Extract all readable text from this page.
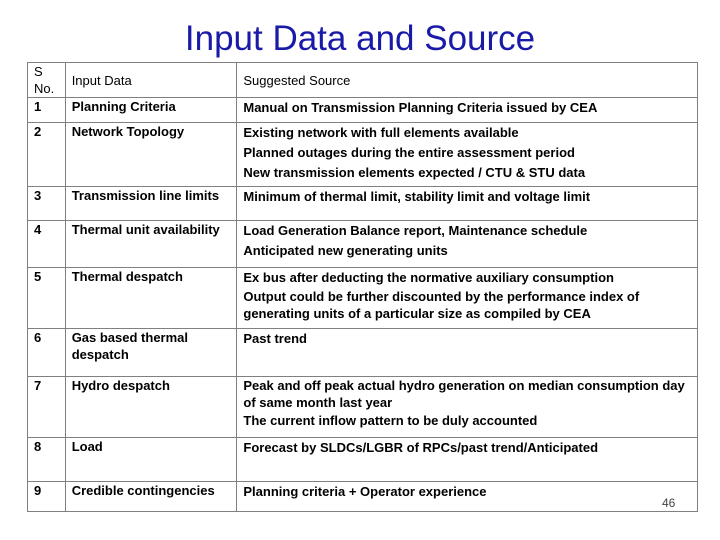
Input Data and Source
S No.	Input Data	Suggested Source
1	Planning Criteria	Manual on Transmission Planning Criteria issued by CEA

2	Network Topology	Existing network with full elements available
Planned outages during the entire assessment period
New transmission elements expected / CTU & STU data

3	Transmission line limits	Minimum of thermal limit, stability limit and voltage limit

4	Thermal unit availability	Load Generation Balance report, Maintenance schedule
Anticipated new generating units

5	Thermal despatch	Ex bus after deducting the normative auxiliary consumption
Output could be further discounted by the performance index of generating units of a particular size as compiled by CEA

6	Gas based thermal despatch	Past trend

7	Hydro despatch	Peak and off peak actual hydro generation on median consumption day of same month last year
The current inflow pattern to be duly accounted

8	Load	Forecast by SLDCs/LGBR of RPCs/past trend/Anticipated

9	Credible contingencies	Planning criteria + Operator experience
46
